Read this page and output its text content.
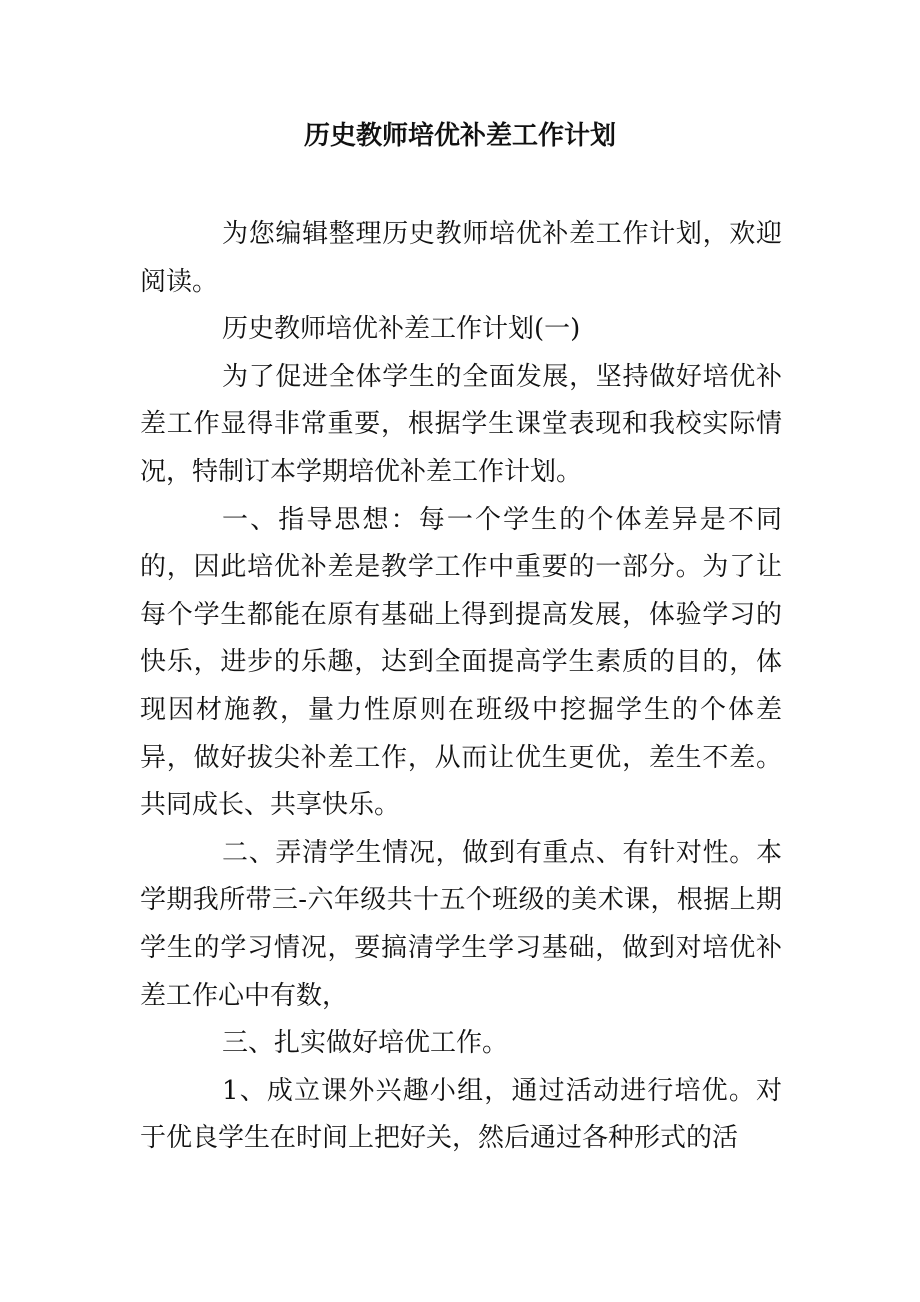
历史教师培优补差工作计划

为您编辑整理历史教师培优补差工作计划，欢迎阅读。

历史教师培优补差工作计划(一)

为了促进全体学生的全面发展，坚持做好培优补差工作显得非常重要，根据学生课堂表现和我校实际情况，特制订本学期培优补差工作计划。

一、指导思想：每一个学生的个体差异是不同的，因此培优补差是教学工作中重要的一部分。为了让每个学生都能在原有基础上得到提高发展，体验学习的快乐，进步的乐趣，达到全面提高学生素质的目的，体现因材施教，量力性原则在班级中挖掘学生的个体差异，做好拔尖补差工作，从而让优生更优，差生不差。共同成长、共享快乐。

二、弄清学生情况，做到有重点、有针对性。本学期我所带三-六年级共十五个班级的美术课，根据上期学生的学习情况，要搞清学生学习基础，做到对培优补差工作心中有数，

三、扎实做好培优工作。

1、成立课外兴趣小组，通过活动进行培优。对于优良学生在时间上把好关，然后通过各种形式的活
